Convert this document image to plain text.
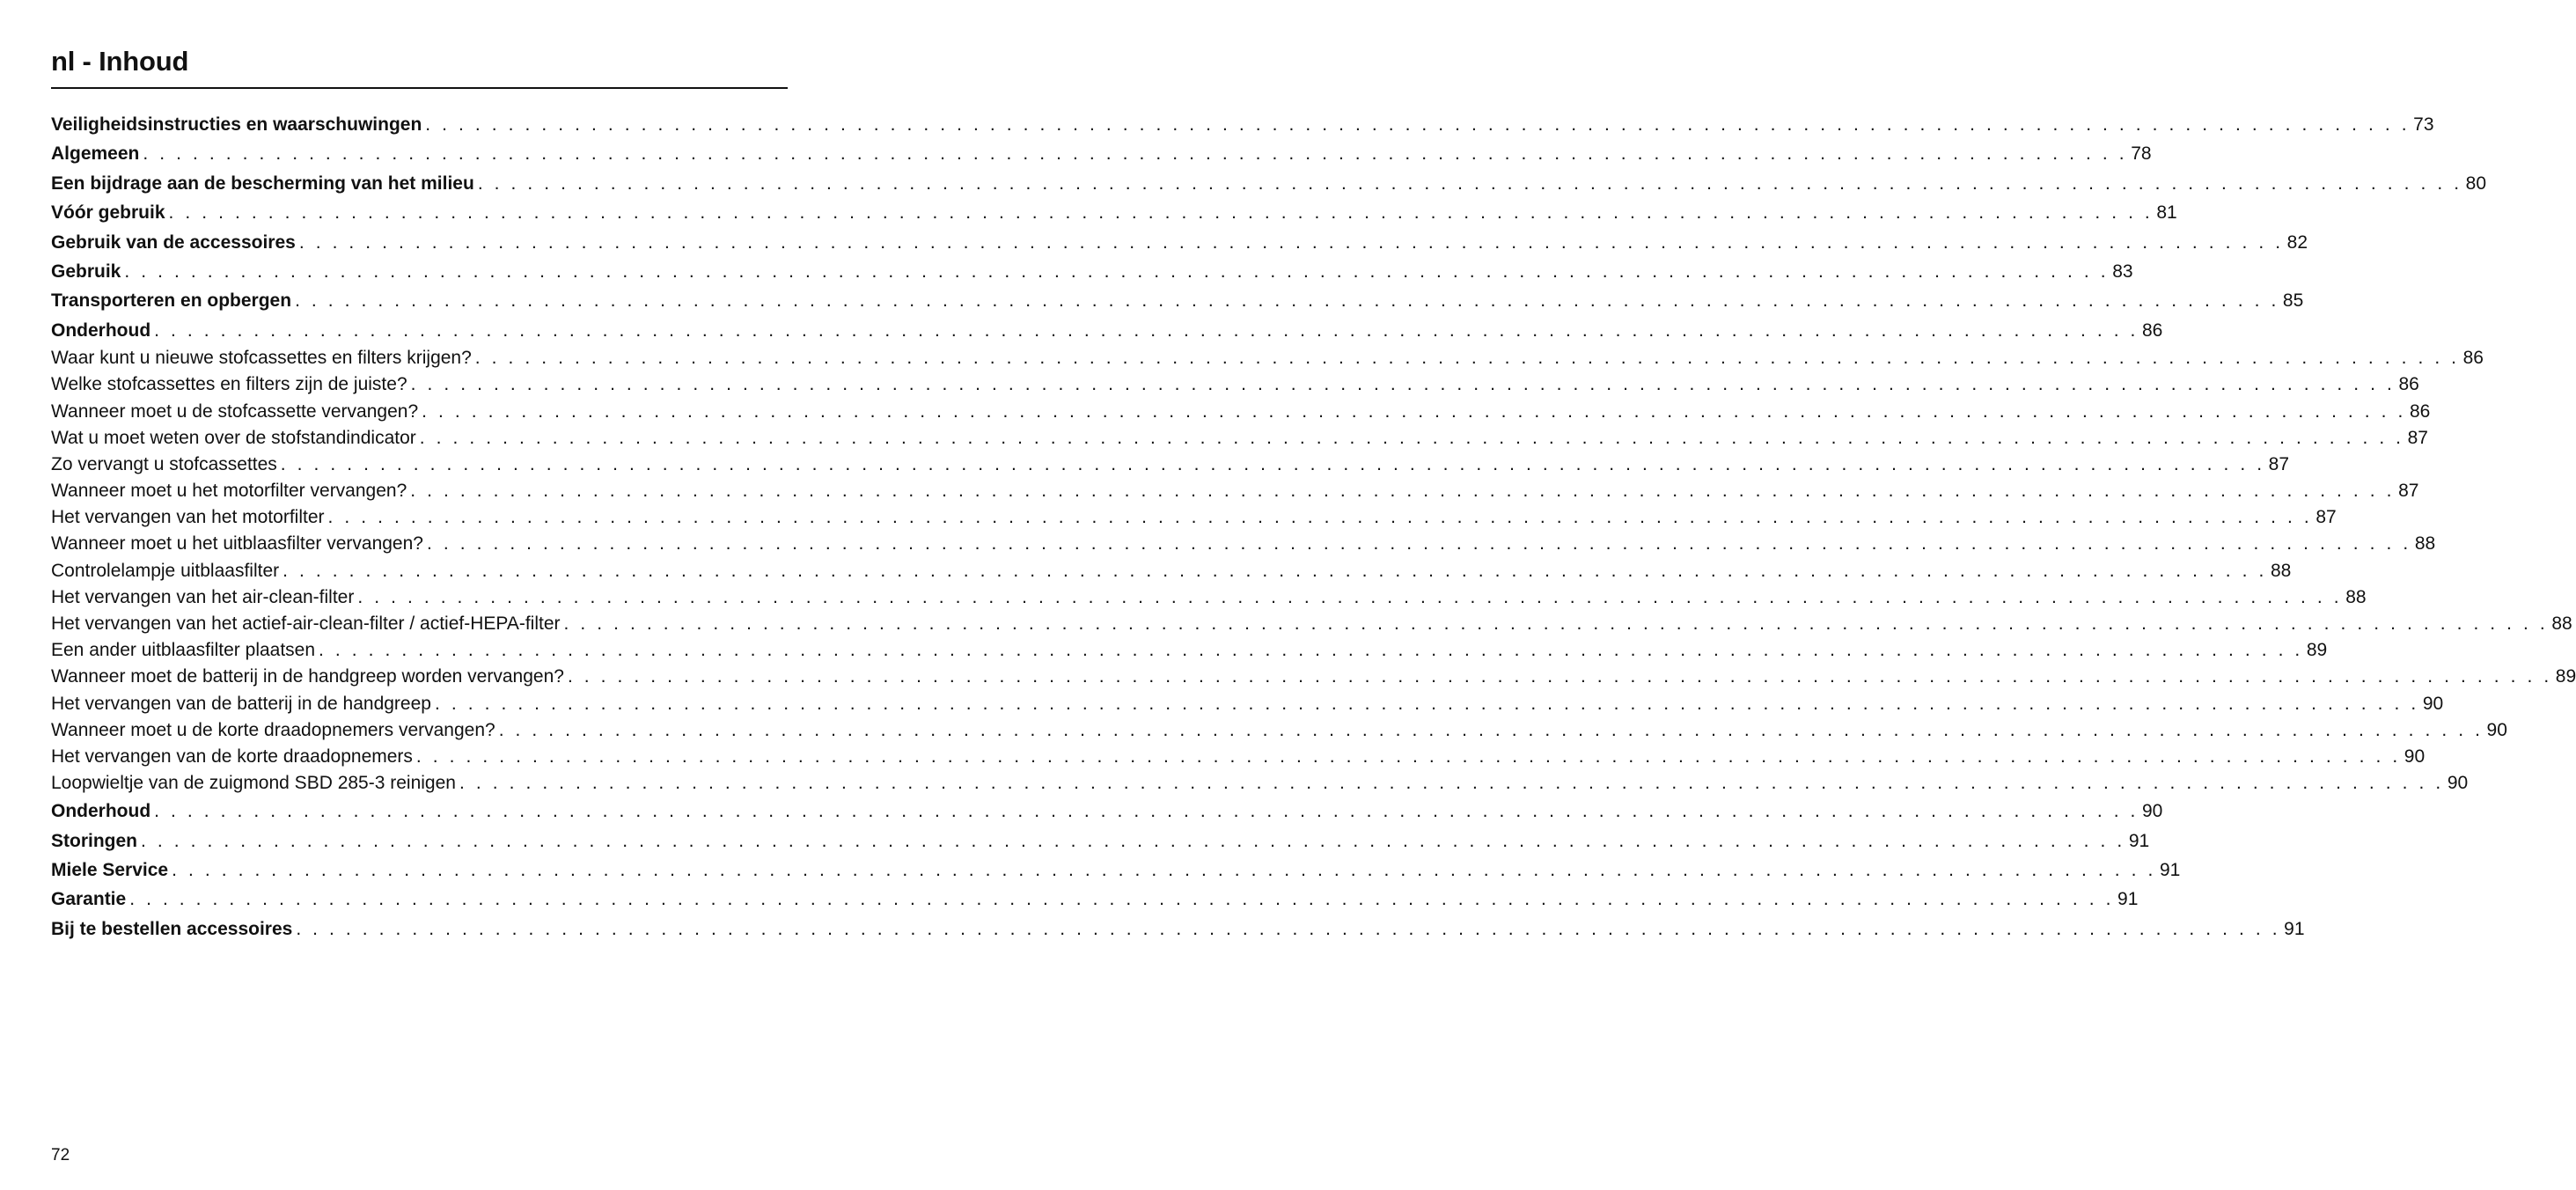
nl - Inhoud
Veiligheidsinstructies en waarschuwingen . . . . . . . . . . . . . . . . . . . . . . . . . . . . . . . . . . . . . . . . . . . . . . . . . . . . . . . . . . . . . . . . . . . . . . . . . . . . . . . . . . . . . . . . . . . . . . . . . . . . . . . . . . . . . . . . . . . . . . . . 73
Algemeen . . . . . . . . . . . . . . . . . . . . . . . . . . . . . . . . . . . . . . . . . . . . . . . . . . . . . . . . . . . . . . . . . . . . . . . . . . . . . . . . . . . . . . . . . . . . . . . . . . . . . . . . . . . . . . . . . . . . . . . . 78
Een bijdrage aan de bescherming van het milieu . . . . . . . . . . . . . . . . . . . . . . . . . . . . . . . . . . . . . . . . . . . . . . . . . . . . . . . . . . . . . . . . . . . . . . . . . . . . . . . . . . . . . . . . . . . . . . . . . . . . . . . . . . . . . . . . . . . . . . . . 80
Vóór gebruik . . . . . . . . . . . . . . . . . . . . . . . . . . . . . . . . . . . . . . . . . . . . . . . . . . . . . . . . . . . . . . . . . . . . . . . . . . . . . . . . . . . . . . . . . . . . . . . . . . . . . . . . . . . . . . . . . . . . . . . . 81
Gebruik van de accessoires . . . . . . . . . . . . . . . . . . . . . . . . . . . . . . . . . . . . . . . . . . . . . . . . . . . . . . . . . . . . . . . . . . . . . . . . . . . . . . . . . . . . . . . . . . . . . . . . . . . . . . . . . . . . . . . . . . . . . . . . 82
Gebruik . . . . . . . . . . . . . . . . . . . . . . . . . . . . . . . . . . . . . . . . . . . . . . . . . . . . . . . . . . . . . . . . . . . . . . . . . . . . . . . . . . . . . . . . . . . . . . . . . . . . . . . . . . . . . . . . . . . . . . . . 83
Transporteren en opbergen . . . . . . . . . . . . . . . . . . . . . . . . . . . . . . . . . . . . . . . . . . . . . . . . . . . . . . . . . . . . . . . . . . . . . . . . . . . . . . . . . . . . . . . . . . . . . . . . . . . . . . . . . . . . . . . . . . . . . . . . 85
Onderhoud . . . . . . . . . . . . . . . . . . . . . . . . . . . . . . . . . . . . . . . . . . . . . . . . . . . . . . . . . . . . . . . . . . . . . . . . . . . . . . . . . . . . . . . . . . . . . . . . . . . . . . . . . . . . . . . . . . . . . . . . 86
Waar kunt u nieuwe stofcassettes en filters krijgen? . . . . . . . . . . . . . . . . . . . . . . . . . . . . . . . . . . . . . . . . . . . . . . . . . . . . . . . . . . . . . . . . . . . . . . . . . . . . . . . . . . . . . . . . . . . . . . . . . . . . . . . . . . . . . . . . . . . . . . . . 86
Welke stofcassettes en filters zijn de juiste? . . . . . . . . . . . . . . . . . . . . . . . . . . . . . . . . . . . . . . . . . . . . . . . . . . . . . . . . . . . . . . . . . . . . . . . . . . . . . . . . . . . . . . . . . . . . . . . . . . . . . . . . . . . . . . . . . . . . . . . . 86
Wanneer moet u de stofcassette vervangen? . . . . . . . . . . . . . . . . . . . . . . . . . . . . . . . . . . . . . . . . . . . . . . . . . . . . . . . . . . . . . . . . . . . . . . . . . . . . . . . . . . . . . . . . . . . . . . . . . . . . . . . . . . . . . . . . . . . . . . . . 86
Wat u moet weten over de stofstandindicator . . . . . . . . . . . . . . . . . . . . . . . . . . . . . . . . . . . . . . . . . . . . . . . . . . . . . . . . . . . . . . . . . . . . . . . . . . . . . . . . . . . . . . . . . . . . . . . . . . . . . . . . . . . . . . . . . . . . . . . . 87
Zo vervangt u stofcassettes . . . . . . . . . . . . . . . . . . . . . . . . . . . . . . . . . . . . . . . . . . . . . . . . . . . . . . . . . . . . . . . . . . . . . . . . . . . . . . . . . . . . . . . . . . . . . . . . . . . . . . . . . . . . . . . . . . . . . . . . 87
Wanneer moet u het motorfilter vervangen? . . . . . . . . . . . . . . . . . . . . . . . . . . . . . . . . . . . . . . . . . . . . . . . . . . . . . . . . . . . . . . . . . . . . . . . . . . . . . . . . . . . . . . . . . . . . . . . . . . . . . . . . . . . . . . . . . . . . . . . . 87
Het vervangen van het motorfilter . . . . . . . . . . . . . . . . . . . . . . . . . . . . . . . . . . . . . . . . . . . . . . . . . . . . . . . . . . . . . . . . . . . . . . . . . . . . . . . . . . . . . . . . . . . . . . . . . . . . . . . . . . . . . . . . . . . . . . . . 87
Wanneer moet u het uitblaasfilter vervangen? . . . . . . . . . . . . . . . . . . . . . . . . . . . . . . . . . . . . . . . . . . . . . . . . . . . . . . . . . . . . . . . . . . . . . . . . . . . . . . . . . . . . . . . . . . . . . . . . . . . . . . . . . . . . . . . . . . . . . . . . 88
Controlelampje uitblaasfilter . . . . . . . . . . . . . . . . . . . . . . . . . . . . . . . . . . . . . . . . . . . . . . . . . . . . . . . . . . . . . . . . . . . . . . . . . . . . . . . . . . . . . . . . . . . . . . . . . . . . . . . . . . . . . . . . . . . . . . . . 88
Het vervangen van het air-clean-filter . . . . . . . . . . . . . . . . . . . . . . . . . . . . . . . . . . . . . . . . . . . . . . . . . . . . . . . . . . . . . . . . . . . . . . . . . . . . . . . . . . . . . . . . . . . . . . . . . . . . . . . . . . . . . . . . . . . . . . . . 88
Het vervangen van het actief-air-clean-filter / actief-HEPA-filter . . . . . . . . . . . . . . . . . . . . . . . . . . . . . . . . . . . . . . . . . . . . . . . . . . . . . . . . . . . . . . . . . . . . . . . . . . . . . . . . . . . . . . . . . . . . . . . . . . . . . . . . . . . . . . . . . . . . . . . . 88
Een ander uitblaasfilter plaatsen . . . . . . . . . . . . . . . . . . . . . . . . . . . . . . . . . . . . . . . . . . . . . . . . . . . . . . . . . . . . . . . . . . . . . . . . . . . . . . . . . . . . . . . . . . . . . . . . . . . . . . . . . . . . . . . . . . . . . . . . 89
Wanneer moet de batterij in de handgreep worden vervangen? . . . . . . . . . . . . . . . . . . . . . . . . . . . . . . . . . . . . . . . . . . . . . . . . . . . . . . . . . . . . . . . . . . . . . . . . . . . . . . . . . . . . . . . . . . . . . . . . . . . . . . . . . . . . . . . . . . . . . . . . 89
Het vervangen van de batterij in de handgreep . . . . . . . . . . . . . . . . . . . . . . . . . . . . . . . . . . . . . . . . . . . . . . . . . . . . . . . . . . . . . . . . . . . . . . . . . . . . . . . . . . . . . . . . . . . . . . . . . . . . . . . . . . . . . . . . . . . . . . . . 90
Wanneer moet u de korte draadopnemers vervangen? . . . . . . . . . . . . . . . . . . . . . . . . . . . . . . . . . . . . . . . . . . . . . . . . . . . . . . . . . . . . . . . . . . . . . . . . . . . . . . . . . . . . . . . . . . . . . . . . . . . . . . . . . . . . . . . . . . . . . . . . 90
Het vervangen van de korte draadopnemers . . . . . . . . . . . . . . . . . . . . . . . . . . . . . . . . . . . . . . . . . . . . . . . . . . . . . . . . . . . . . . . . . . . . . . . . . . . . . . . . . . . . . . . . . . . . . . . . . . . . . . . . . . . . . . . . . . . . . . . . 90
Loopwieltje van de zuigmond SBD 285-3 reinigen . . . . . . . . . . . . . . . . . . . . . . . . . . . . . . . . . . . . . . . . . . . . . . . . . . . . . . . . . . . . . . . . . . . . . . . . . . . . . . . . . . . . . . . . . . . . . . . . . . . . . . . . . . . . . . . . . . . . . . . . 90
Onderhoud . . . . . . . . . . . . . . . . . . . . . . . . . . . . . . . . . . . . . . . . . . . . . . . . . . . . . . . . . . . . . . . . . . . . . . . . . . . . . . . . . . . . . . . . . . . . . . . . . . . . . . . . . . . . . . . . . . . . . . . . 90
Storingen . . . . . . . . . . . . . . . . . . . . . . . . . . . . . . . . . . . . . . . . . . . . . . . . . . . . . . . . . . . . . . . . . . . . . . . . . . . . . . . . . . . . . . . . . . . . . . . . . . . . . . . . . . . . . . . . . . . . . . . . 91
Miele Service . . . . . . . . . . . . . . . . . . . . . . . . . . . . . . . . . . . . . . . . . . . . . . . . . . . . . . . . . . . . . . . . . . . . . . . . . . . . . . . . . . . . . . . . . . . . . . . . . . . . . . . . . . . . . . . . . . . . . . . . 91
Garantie . . . . . . . . . . . . . . . . . . . . . . . . . . . . . . . . . . . . . . . . . . . . . . . . . . . . . . . . . . . . . . . . . . . . . . . . . . . . . . . . . . . . . . . . . . . . . . . . . . . . . . . . . . . . . . . . . . . . . . . . 91
Bij te bestellen accessoires . . . . . . . . . . . . . . . . . . . . . . . . . . . . . . . . . . . . . . . . . . . . . . . . . . . . . . . . . . . . . . . . . . . . . . . . . . . . . . . . . . . . . . . . . . . . . . . . . . . . . . . . . . . . . . . . . . . . . . . . 91
72
